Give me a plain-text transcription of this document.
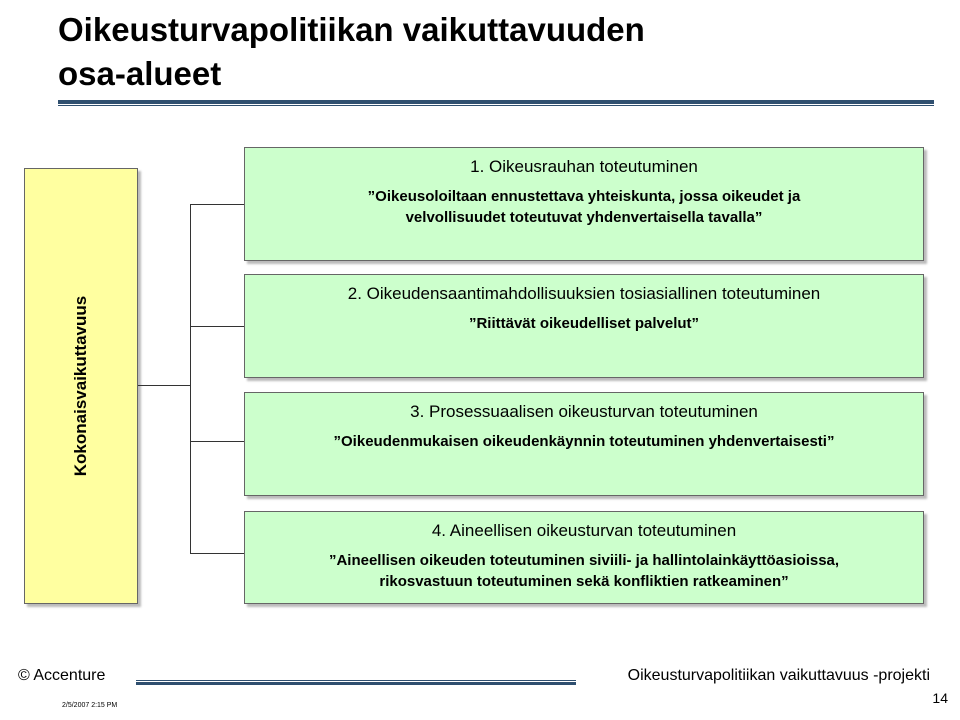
Oikeusturvapolitiikan vaikuttavuuden
osa-alueet
Kokonaisvaikuttavuus
1. Oikeusrauhan toteutuminen
”Oikeusoloiltaan ennustettava yhteiskunta, jossa oikeudet ja
velvollisuudet toteutuvat yhdenvertaisella tavalla”
2. Oikeudensaantimahdollisuuksien tosiasiallinen toteutuminen
”Riittävät oikeudelliset palvelut”
3. Prosessuaalisen oikeusturvan toteutuminen
”Oikeudenmukaisen oikeudenkäynnin toteutuminen yhdenvertaisesti”
4. Aineellisen oikeusturvan toteutuminen
”Aineellisen oikeuden toteutuminen siviili- ja hallintolainkäyttöasioissa,
rikosvastuun toteutuminen sekä konfliktien ratkeaminen”
© Accenture	Oikeusturvapolitiikan vaikuttavuus -projekti
2/5/2007 2:15 PM	14
